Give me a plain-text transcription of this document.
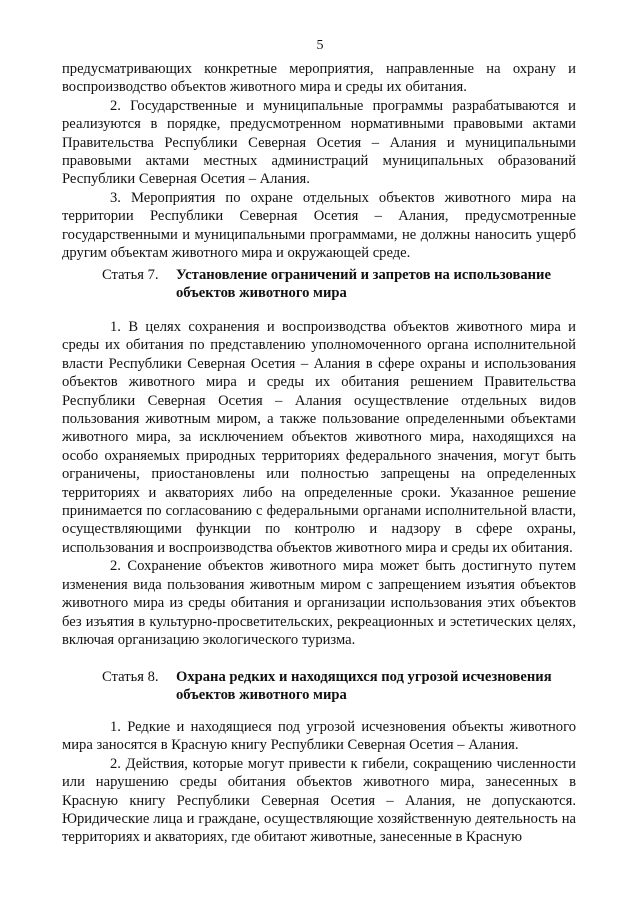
5

предусматривающих конкретные мероприятия, направленные на охрану и воспроизводство объектов животного мира и среды их обитания.

2. Государственные и муниципальные программы разрабатываются и реализуются в порядке, предусмотренном нормативными правовыми актами Правительства Республики Северная Осетия – Алания и муниципальными правовыми актами местных администраций муниципальных образований Республики Северная Осетия – Алания.

3. Мероприятия по охране отдельных объектов животного мира на территории Республики Северная Осетия – Алания, предусмотренные государственными и муниципальными программами, не должны наносить ущерб другим объектам животного мира и окружающей среде.

Статья 7.	Установление ограничений и запретов на использование объектов животного мира

1. В целях сохранения и воспроизводства объектов животного мира и среды их обитания по представлению уполномоченного органа исполнительной власти Республики Северная Осетия – Алания в сфере охраны и использования объектов животного мира и среды их обитания решением Правительства Республики Северная Осетия – Алания осуществление отдельных видов пользования животным миром, а также пользование определенными объектами животного мира, за исключением объектов животного мира, находящихся на особо охраняемых природных территориях федерального значения, могут быть ограничены, приостановлены или полностью запрещены на определенных территориях и акваториях либо на определенные сроки. Указанное решение принимается по согласованию с федеральными органами исполнительной власти, осуществляющими функции по контролю и надзору в сфере охраны, использования и воспроизводства объектов животного мира и среды их обитания.

2. Сохранение объектов животного мира может быть достигнуто путем изменения вида пользования животным миром с запрещением изъятия объектов животного мира из среды обитания и организации использования этих объектов без изъятия в культурно-просветительских, рекреационных и эстетических целях, включая организацию экологического туризма.

Статья 8.	Охрана редких и находящихся под угрозой исчезновения объектов животного мира

1. Редкие и находящиеся под угрозой исчезновения объекты животного мира заносятся в Красную книгу Республики Северная Осетия – Алания.

2. Действия, которые могут привести к гибели, сокращению численности или нарушению среды обитания объектов животного мира, занесенных в Красную книгу Республики Северная Осетия – Алания, не допускаются. Юридические лица и граждане, осуществляющие хозяйственную деятельность на территориях и акваториях, где обитают животные, занесенные в Красную
